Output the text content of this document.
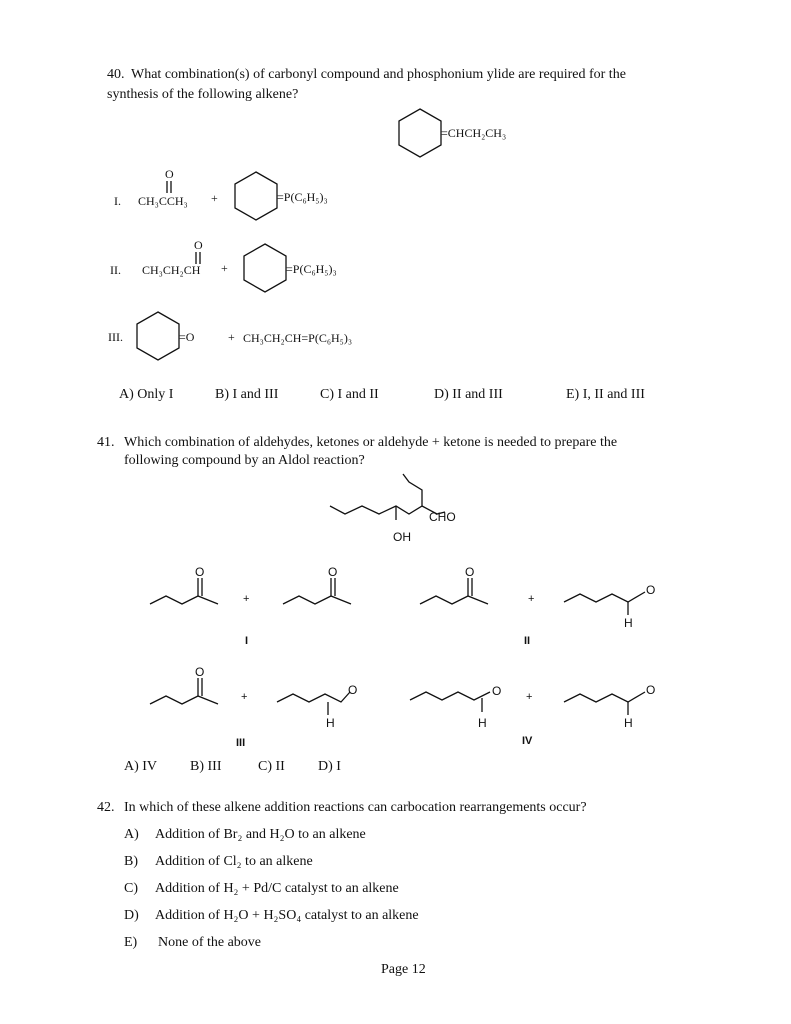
40. What combination(s) of carbonyl compound and phosphonium ylide are required for the
synthesis of the following alkene?
=CHCH₂CH₃
I.
O
CH₃CCH₃ +	=P(C₆H₅)₃
II.
O
CH₃CH₂CH +	=P(C₆H₅)₃
III.	=O	+ CH₃CH₂CH=P(C₆H₅)₃
A) Only I	B) I and III	C) I and II	D) II and III	E) I, II and III
41. Which combination of aldehydes, ketones or aldehyde + ketone is needed to prepare the
following compound by an Aldol reaction?
CHO
OH
O
+
O
I
O
+
O
H
II
O
+	O
H
III
O
H
+	O
H
IV
A) IV B) III	C) II D) I
42. In which of these alkene addition reactions can carbocation rearrangements occur?
A) Addition of Br₂ and H₂O to an alkene
B) Addition of Cl₂ to an alkene
C) Addition of H₂ + Pd/C catalyst to an alkene
D) Addition of H₂O + H₂SO₄ catalyst to an alkene
E) None of the above
Page 12
